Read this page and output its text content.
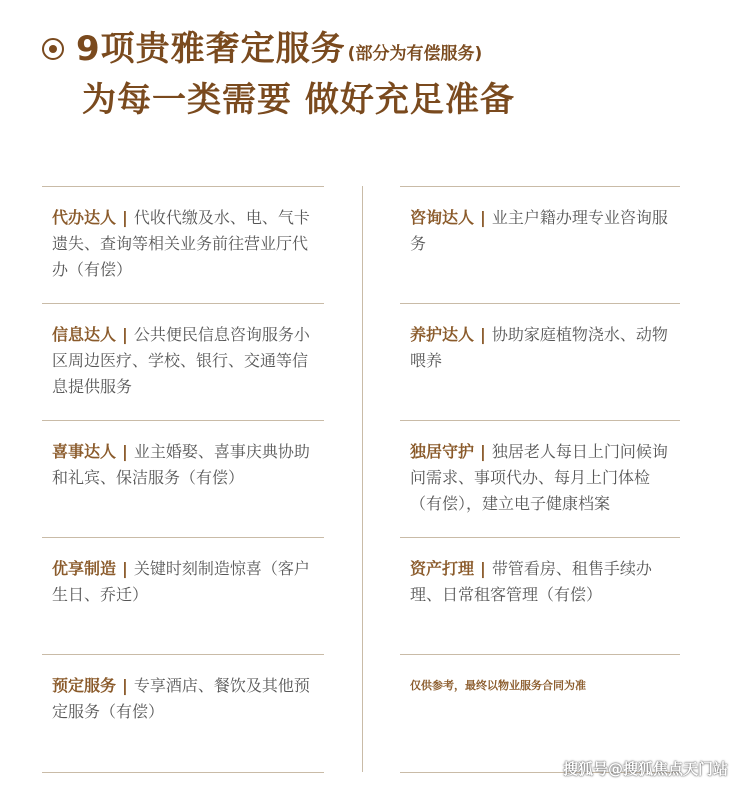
9项贵雅奢定服务 (部分为有偿服务)
为每一类需要 做好充足准备
代办达人 | 代收代缴及水、电、气卡遗失、查询等相关业务前往营业厅代办（有偿）
信息达人 | 公共便民信息咨询服务小区周边医疗、学校、银行、交通等信息提供服务
喜事达人 | 业主婚娶、喜事庆典协助和礼宾、保洁服务（有偿）
优享制造 | 关键时刻制造惊喜（客户生日、乔迁）
预定服务 | 专享酒店、餐饮及其他预定服务（有偿）
咨询达人 | 业主户籍办理专业咨询服务
养护达人 | 协助家庭植物浇水、动物喂养
独居守护 | 独居老人每日上门问候询问需求、事项代办、每月上门体检（有偿），建立电子健康档案
资产打理 | 带管看房、租售手续办理、日常租客管理（有偿）
仅供参考，最终以物业服务合同为准
搜狐号@搜狐焦点天门站
